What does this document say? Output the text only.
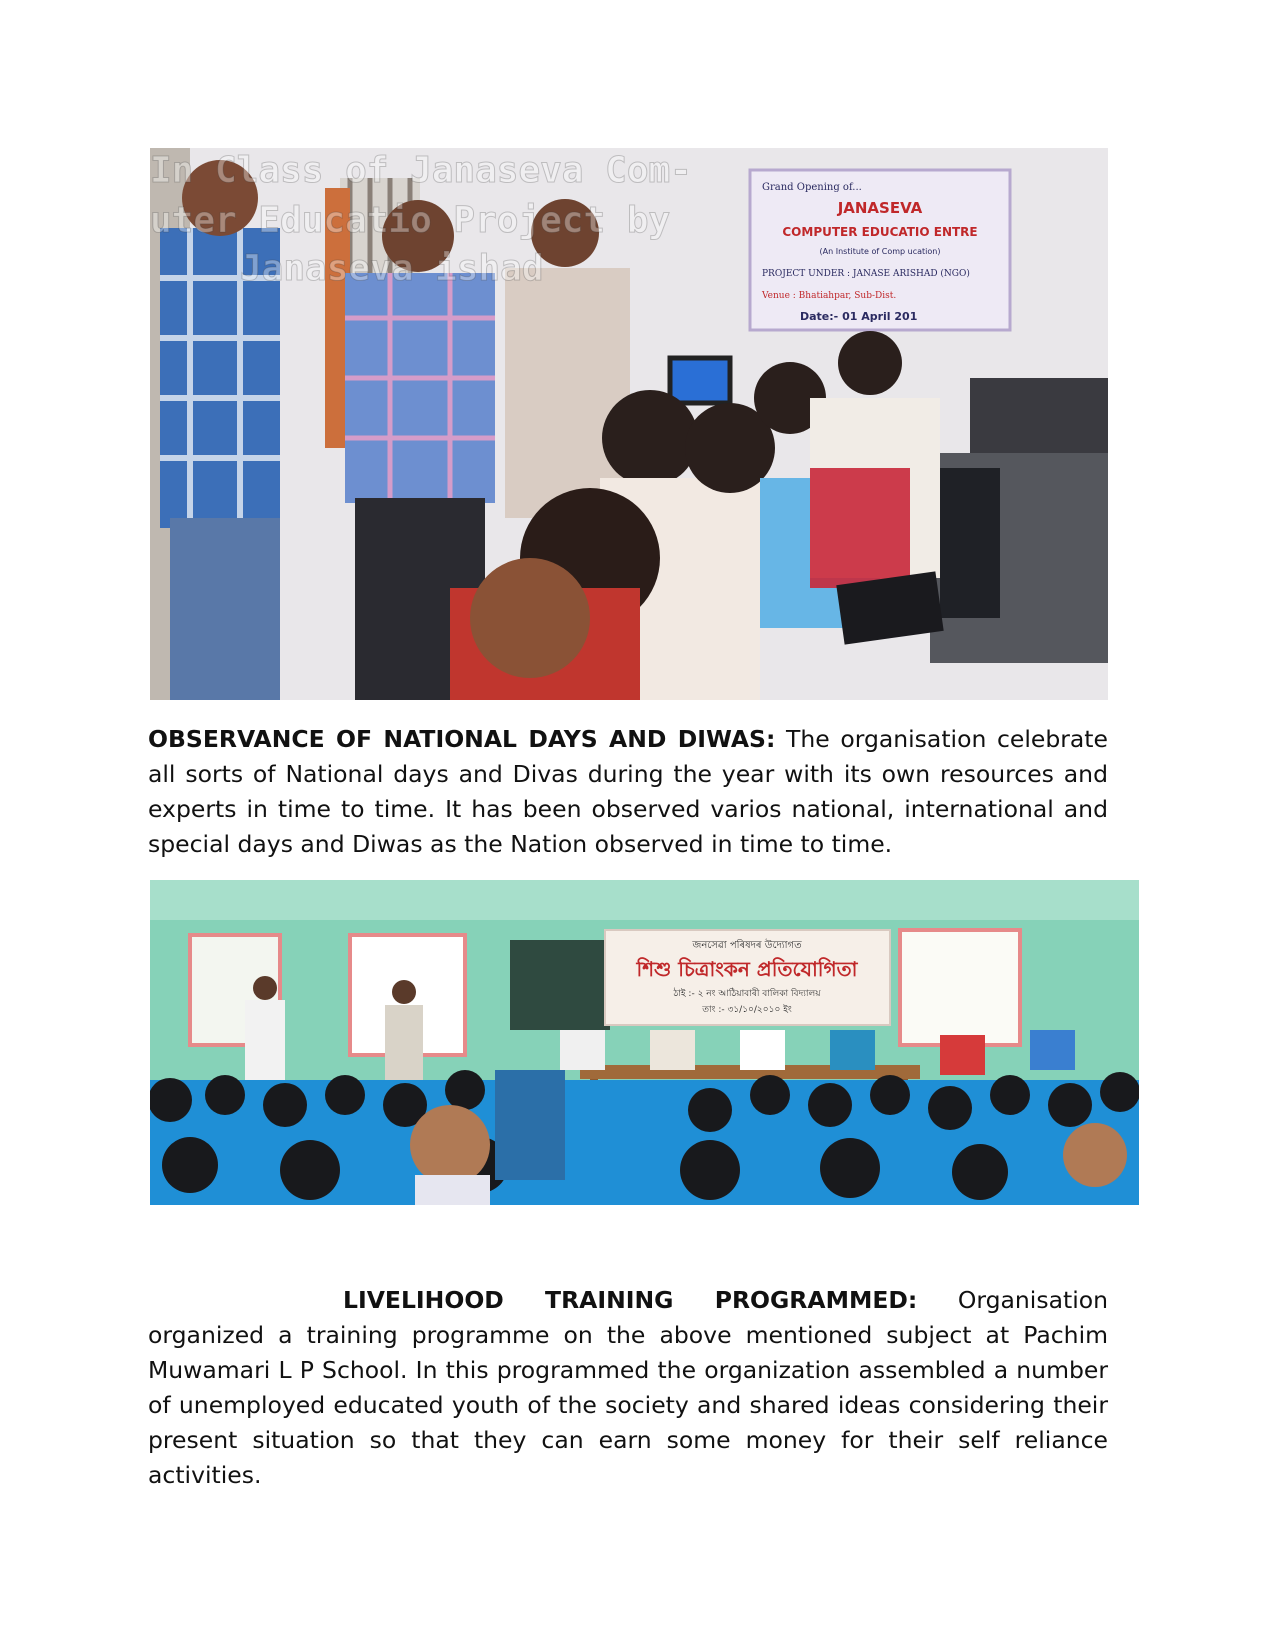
Grand Opening of...
JANASEVA
COMPUTER EDUCATIO ENTRE
(An Institute of Comp ucation)
PROJECT UNDER : JANASE ARISHAD (NGO)
Venue : Bhatiahpar, Sub-Dist.
Date:- 01 April 201
In Class of Janaseva Com-
uter Educatio Project by
Janaseva ishad

OBSERVANCE OF NATIONAL DAYS AND DIWAS: The organisation celebrate all sorts of National days and Divas during the year with its own resources and experts in time to time. It has been observed varios national, international and special days and Diwas as the Nation observed in time to time.

জনসেৱা পৰিষদৰ উদ্যোগত
শিশু চিত্ৰাংকন প্ৰতিযোগিতা
ঠাই :- ২ নং আঠিয়াবাৰী বালিকা বিদ্যালয়
তাং :- ৩১/১০/২০১০ ইং

LIVELIHOOD TRAINING PROGRAMMED: Organisation organized a training programme on the above mentioned subject at Pachim Muwamari L P School. In this programmed the organization assembled a number of unemployed educated youth of the society and shared ideas considering their present situation so that they can earn some money for their self reliance activities.
